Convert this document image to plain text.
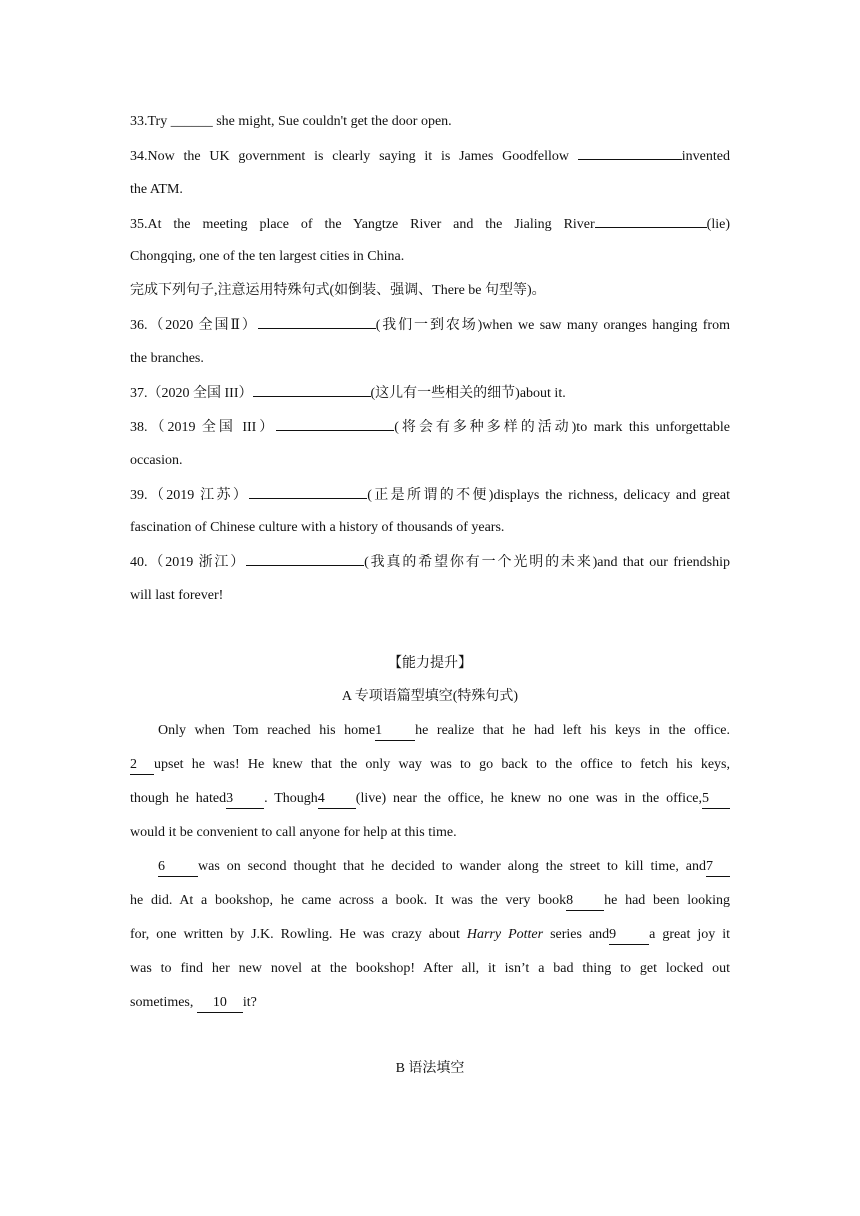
33.Try ______ she might, Sue couldn't get the door open.
34.Now the UK government is clearly saying it is James Goodfellow	invented
the ATM.
35.At the meeting place of the Yangtze River and the Jialing River	(lie)
Chongqing, one of the ten largest cities in China.
完成下列句子,注意运用特殊句式(如倒装、强调、There be 句型等)。
36.（2020 全国Ⅱ）	(我们一到农场)when we saw many oranges hanging from
the branches.
37.（2020 全国 III）	(这儿有一些相关的细节)about it.
38.（2019 全国 III）	(将会有多种多样的活动)to mark this unforgettable
occasion.
39.（2019 江苏）	(正是所谓的不便)displays the richness, delicacy and great
fascination of Chinese culture with a history of thousands of years.
40.（2019 浙江）	(我真的希望你有一个光明的未来)and that our friendship
will last forever!
【能力提升】
A 专项语篇型填空(特殊句式)
Only when Tom reached his home1 he realize that he had left his keys in the office.
2 upset he was! He knew that the only way was to go back to the office to fetch his keys,
though he hated3 . Though4 (live) near the office, he knew no one was in the office,5
would it be convenient to call anyone for help at this time.
6 was on second thought that he decided to wander along the street to kill time, and7
he did. At a bookshop, he came across a book. It was the very book8 he had been looking
for, one written by J.K. Rowling. He was crazy about Harry Potter series and9 a great joy it
was to find her new novel at the bookshop! After all, it isn’t a bad thing to get locked out
sometimes, 10 it?
B 语法填空
